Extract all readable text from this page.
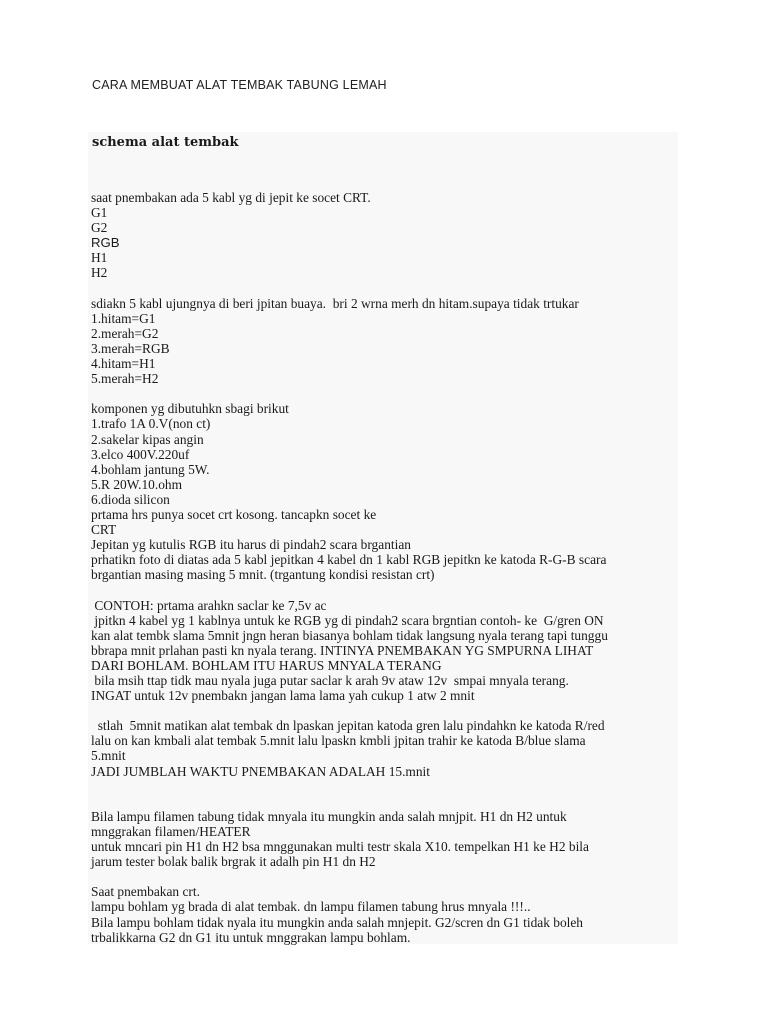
CARA MEMBUAT ALAT TEMBAK TABUNG LEMAH
schema alat tembak
saat pnembakan ada 5 kabl yg di jepit ke socet CRT.
G1
G2
RGB
H1
H2
sdiakn 5 kabl ujungnya di beri jpitan buaya.  bri 2 wrna merh dn hitam.supaya tidak trtukar
1.hitam=G1
2.merah=G2
3.merah=RGB
4.hitam=H1
5.merah=H2
komponen yg dibutuhkn sbagi brikut
1.trafo 1A 0.V(non ct)
2.sakelar kipas angin
3.elco 400V.220uf
4.bohlam jantung 5W.
5.R 20W.10.ohm
6.dioda silicon
prtama hrs punya socet crt kosong. tancapkn socet ke
CRT
Jepitan yg kutulis RGB itu harus di pindah2 scara brgantian
prhatikn foto di diatas ada 5 kabl jepitkan 4 kabel dn 1 kabl RGB jepitkn ke katoda R-G-B scara
brgantian masing masing 5 mnit. (trgantung kondisi resistan crt)
CONTOH: prtama arahkn saclar ke 7,5v ac
jpitkn 4 kabel yg 1 kablnya untuk ke RGB yg di pindah2 scara brgntian contoh- ke  G/gren ON
kan alat tembk slama 5mnit jngn heran biasanya bohlam tidak langsung nyala terang tapi tunggu
bbrapa mnit prlahan pasti kn nyala terang. INTINYA PNEMBAKAN YG SMPURNA LIHAT
DARI BOHLAM. BOHLAM ITU HARUS MNYALA TERANG
bila msih ttap tidk mau nyala juga putar saclar k arah 9v ataw 12v  smpai mnyala terang.
INGAT untuk 12v pnembakn jangan lama lama yah cukup 1 atw 2 mnit
stlah  5mnit matikan alat tembak dn lpaskan jepitan katoda gren lalu pindahkn ke katoda R/red
lalu on kan kmbali alat tembak 5.mnit lalu lpaskn kmbli jpitan trahir ke katoda B/blue slama
5.mnit
JADI JUMBLAH WAKTU PNEMBAKAN ADALAH 15.mnit
Bila lampu filamen tabung tidak mnyala itu mungkin anda salah mnjpit. H1 dn H2 untuk
mnggrakan filamen/HEATER
untuk mncari pin H1 dn H2 bsa mnggunakan multi testr skala X10. tempelkan H1 ke H2 bila
jarum tester bolak balik brgrak it adalh pin H1 dn H2
Saat pnembakan crt.
lampu bohlam yg brada di alat tembak. dn lampu filamen tabung hrus mnyala !!!..
Bila lampu bohlam tidak nyala itu mungkin anda salah mnjepit. G2/scren dn G1 tidak boleh
trbalikkarna G2 dn G1 itu untuk mnggrakan lampu bohlam.
